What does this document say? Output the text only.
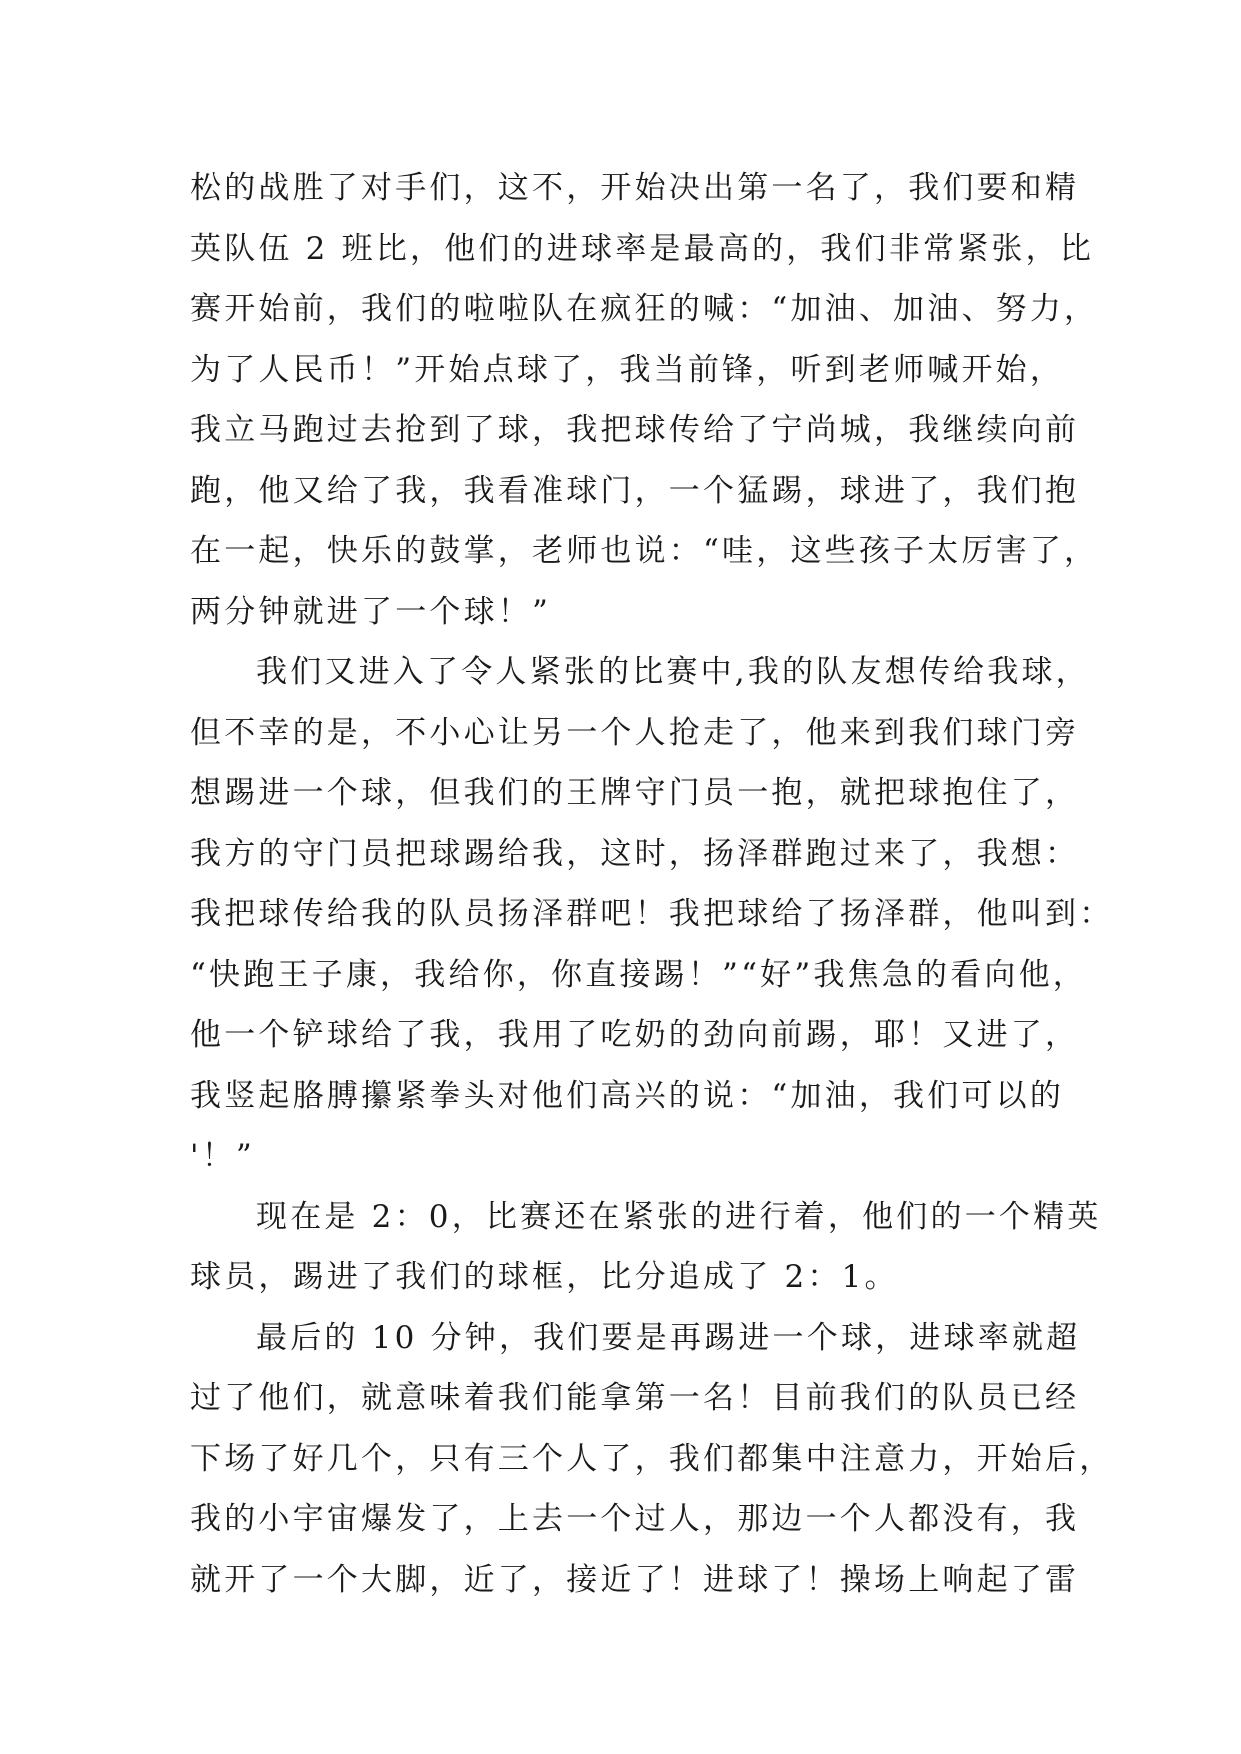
松的战胜了对手们，这不，开始决出第一名了，我们要和精
英队伍 2 班比，他们的进球率是最高的，我们非常紧张，比
赛开始前，我们的啦啦队在疯狂的喊：“加油、加油、努力，
为了人民币！”开始点球了，我当前锋，听到老师喊开始，
我立马跑过去抢到了球，我把球传给了宁尚城，我继续向前
跑，他又给了我，我看准球门，一个猛踢，球进了，我们抱
在一起，快乐的鼓掌，老师也说：“哇，这些孩子太厉害了，
两分钟就进了一个球！”
我们又进入了令人紧张的比赛中,我的队友想传给我球，
但不幸的是，不小心让另一个人抢走了，他来到我们球门旁
想踢进一个球，但我们的王牌守门员一抱，就把球抱住了，
我方的守门员把球踢给我，这时，扬泽群跑过来了，我想：
我把球传给我的队员扬泽群吧！我把球给了扬泽群，他叫到：
“快跑王子康，我给你，你直接踢！”“好”我焦急的看向他，
他一个铲球给了我，我用了吃奶的劲向前踢，耶！又进了，
我竖起胳膊攥紧拳头对他们高兴的说：“加油，我们可以的
'！”
现在是 2：0，比赛还在紧张的进行着，他们的一个精英
球员，踢进了我们的球框，比分追成了 2：1。
最后的 10 分钟，我们要是再踢进一个球，进球率就超
过了他们，就意味着我们能拿第一名！目前我们的队员已经
下场了好几个，只有三个人了，我们都集中注意力，开始后，
我的小宇宙爆发了，上去一个过人，那边一个人都没有，我
就开了一个大脚，近了，接近了！进球了！操场上响起了雷
